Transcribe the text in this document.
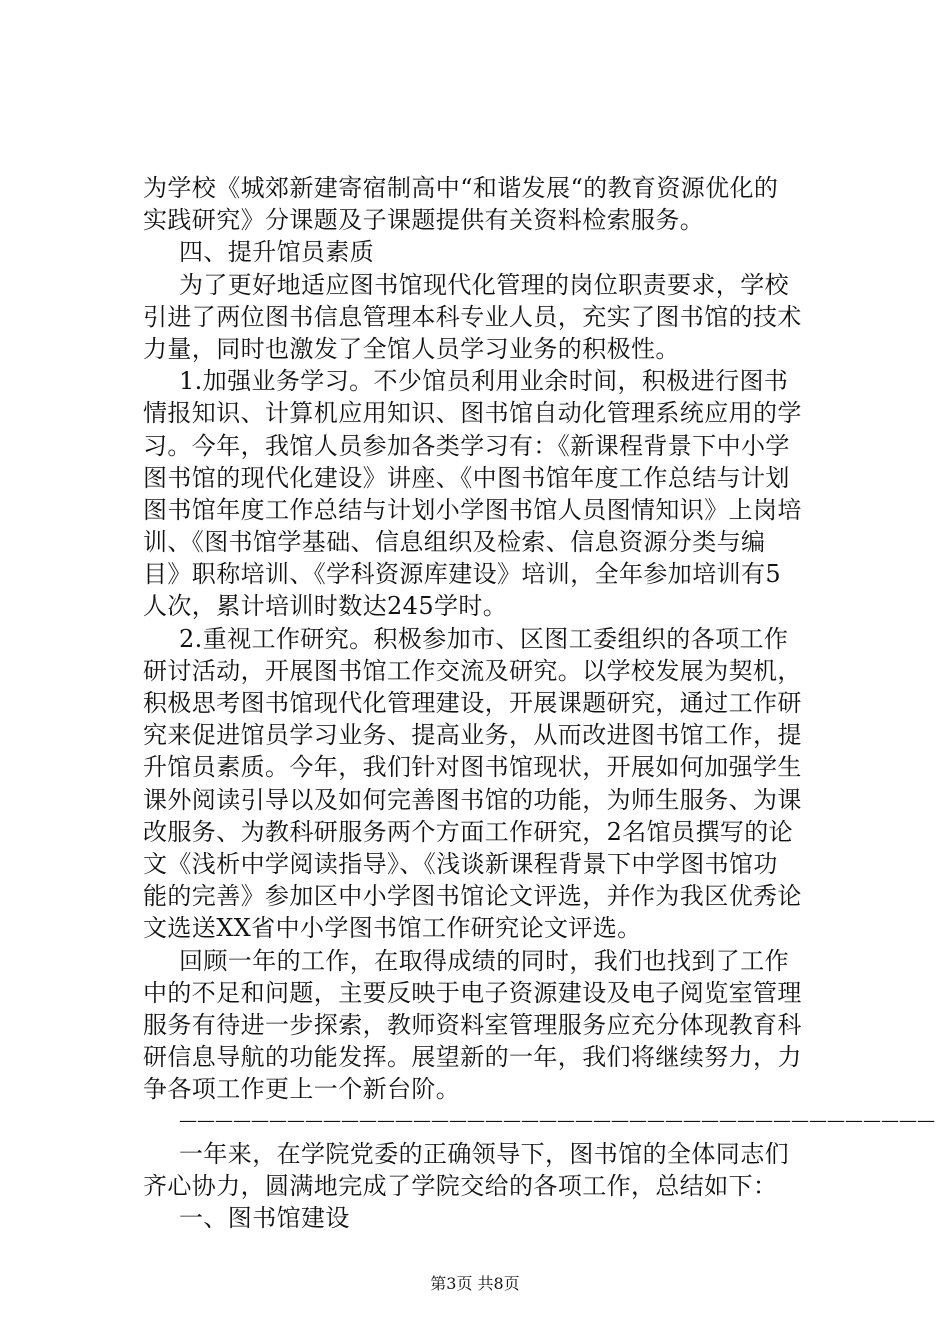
为学校《城郊新建寄宿制高中“和谐发展“的教育资源优化的
实践研究》分课题及子课题提供有关资料检索服务。
四、提升馆员素质
为了更好地适应图书馆现代化管理的岗位职责要求，学校
引进了两位图书信息管理本科专业人员，充实了图书馆的技术
力量，同时也激发了全馆人员学习业务的积极性。
1.加强业务学习。不少馆员利用业余时间，积极进行图书
情报知识、计算机应用知识、图书馆自动化管理系统应用的学
习。今年，我馆人员参加各类学习有：《新课程背景下中小学
图书馆的现代化建设》讲座、《中图书馆年度工作总结与计划
图书馆年度工作总结与计划小学图书馆人员图情知识》上岗培
训、《图书馆学基础、信息组织及检索、信息资源分类与编
目》职称培训、《学科资源库建设》培训，全年参加培训有5
人次，累计培训时数达245学时。
2.重视工作研究。积极参加市、区图工委组织的各项工作
研讨活动，开展图书馆工作交流及研究。以学校发展为契机，
积极思考图书馆现代化管理建设，开展课题研究，通过工作研
究来促进馆员学习业务、提高业务，从而改进图书馆工作，提
升馆员素质。今年，我们针对图书馆现状，开展如何加强学生
课外阅读引导以及如何完善图书馆的功能，为师生服务、为课
改服务、为教科研服务两个方面工作研究，2名馆员撰写的论
文《浅析中学阅读指导》、《浅谈新课程背景下中学图书馆功
能的完善》参加区中小学图书馆论文评选，并作为我区优秀论
文选送XX省中小学图书馆工作研究论文评选。
回顾一年的工作，在取得成绩的同时，我们也找到了工作
中的不足和问题，主要反映于电子资源建设及电子阅览室管理
服务有待进一步探索，教师资料室管理服务应充分体现教育科
研信息导航的功能发挥。展望新的一年，我们将继续努力，力
争各项工作更上一个新台阶。
——————————————————————————————————————————
一年来，在学院党委的正确领导下，图书馆的全体同志们
齐心协力，圆满地完成了学院交给的各项工作，总结如下：
一、图书馆建设
第3页 共8页
